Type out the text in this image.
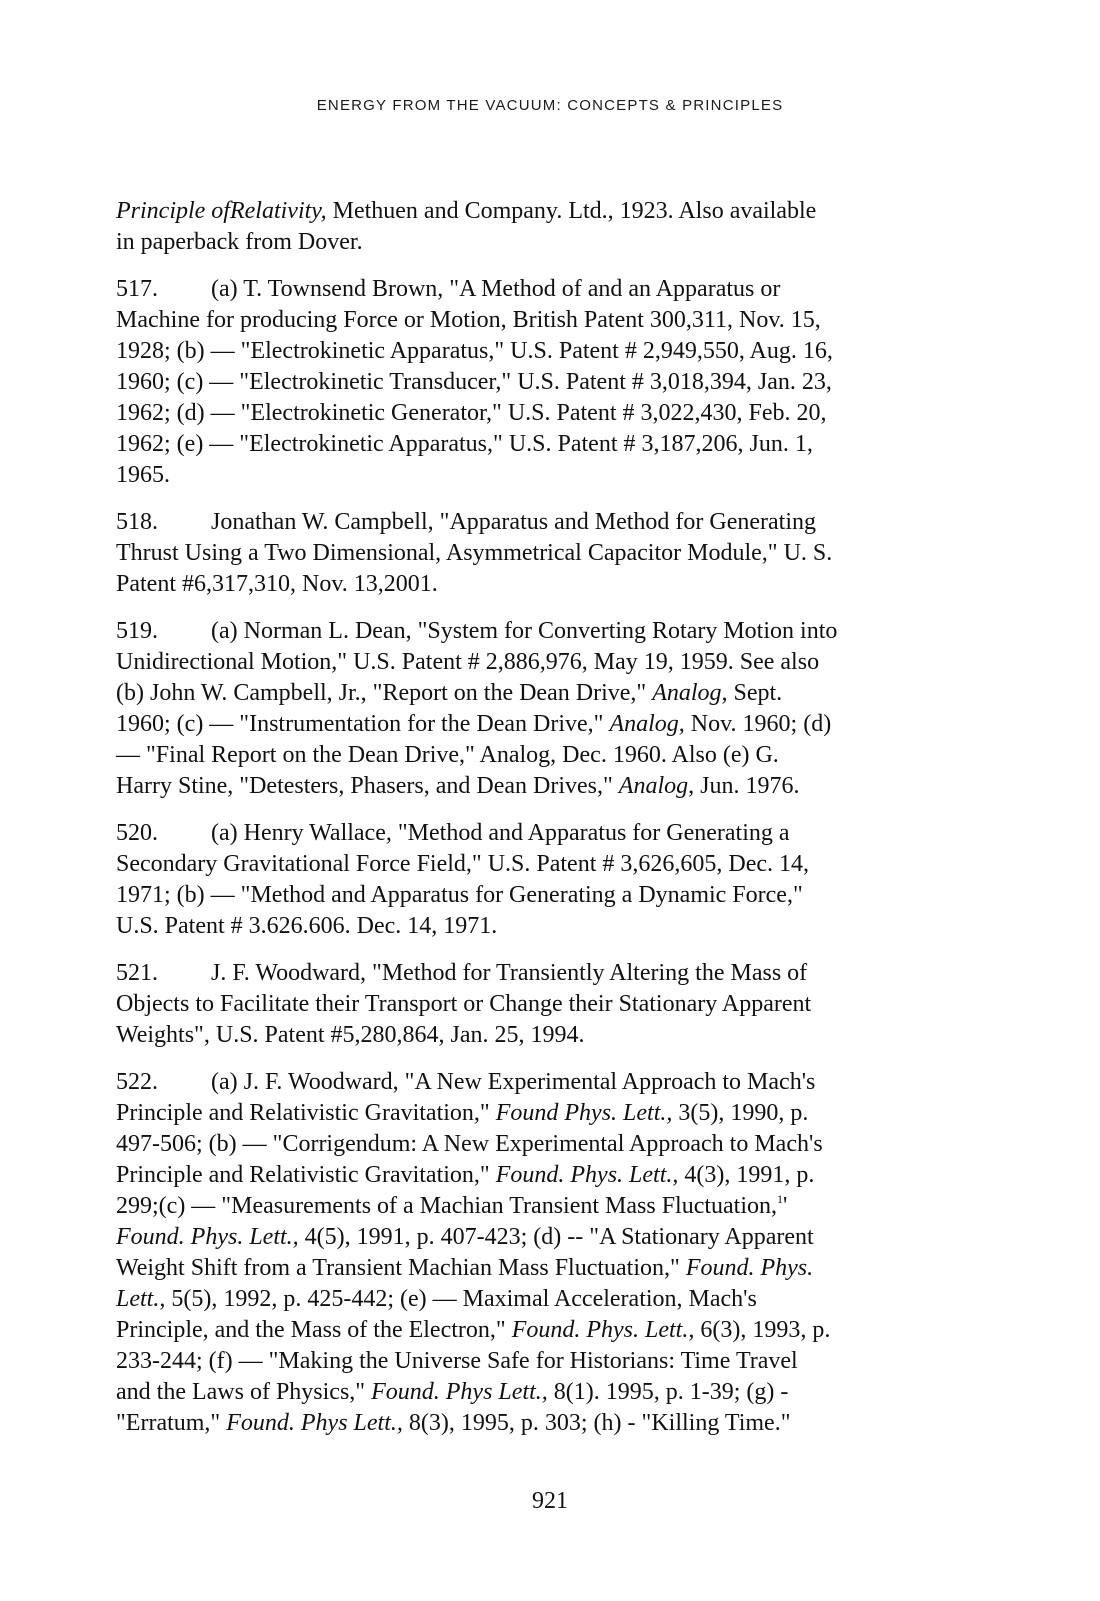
ENERGY FROM THE VACUUM: CONCEPTS & PRINCIPLES
Principle ofRelativity, Methuen and Company. Ltd., 1923. Also available
in paperback from Dover.
517. (a) T. Townsend Brown, "A Method of and an Apparatus or
Machine for producing Force or Motion, British Patent 300,311, Nov. 15,
1928; (b) — "Electrokinetic Apparatus," U.S. Patent # 2,949,550, Aug. 16,
1960; (c) — "Electrokinetic Transducer," U.S. Patent # 3,018,394, Jan. 23,
1962; (d) — "Electrokinetic Generator," U.S. Patent # 3,022,430, Feb. 20,
1962; (e) — "Electrokinetic Apparatus," U.S. Patent # 3,187,206, Jun. 1,
1965.
518. Jonathan W. Campbell, "Apparatus and Method for Generating
Thrust Using a Two Dimensional, Asymmetrical Capacitor Module," U. S.
Patent #6,317,310, Nov. 13,2001.
519. (a) Norman L. Dean, "System for Converting Rotary Motion into
Unidirectional Motion," U.S. Patent # 2,886,976, May 19, 1959. See also
(b) John W. Campbell, Jr., "Report on the Dean Drive," Analog, Sept.
1960; (c) — "Instrumentation for the Dean Drive," Analog, Nov. 1960; (d)
— "Final Report on the Dean Drive," Analog, Dec. 1960. Also (e) G.
Harry Stine, "Detesters, Phasers, and Dean Drives," Analog, Jun. 1976.
520. (a) Henry Wallace, "Method and Apparatus for Generating a
Secondary Gravitational Force Field," U.S. Patent # 3,626,605, Dec. 14,
1971; (b) — "Method and Apparatus for Generating a Dynamic Force,"
U.S. Patent # 3.626.606. Dec. 14, 1971.
521. J. F. Woodward, "Method for Transiently Altering the Mass of
Objects to Facilitate their Transport or Change their Stationary Apparent
Weights", U.S. Patent #5,280,864, Jan. 25, 1994.
522. (a) J. F. Woodward, "A New Experimental Approach to Mach's
Principle and Relativistic Gravitation," Found Phys. Lett., 3(5), 1990, p.
497-506; (b) — "Corrigendum: A New Experimental Approach to Mach's
Principle and Relativistic Gravitation," Found. Phys. Lett., 4(3), 1991, p.
299;(c) — "Measurements of a Machian Transient Mass Fluctuation,$^1$'
Found. Phys. Lett., 4(5), 1991, p. 407-423; (d) -- "A Stationary Apparent
Weight Shift from a Transient Machian Mass Fluctuation," Found. Phys.
Lett., 5(5), 1992, p. 425-442; (e) — Maximal Acceleration, Mach's
Principle, and the Mass of the Electron," Found. Phys. Lett., 6(3), 1993, p.
233-244; (f) — "Making the Universe Safe for Historians: Time Travel
and the Laws of Physics," Found. Phys Lett., 8(1). 1995, p. 1-39; (g) -
"Erratum," Found. Phys Lett., 8(3), 1995, p. 303; (h) - "Killing Time."
921
